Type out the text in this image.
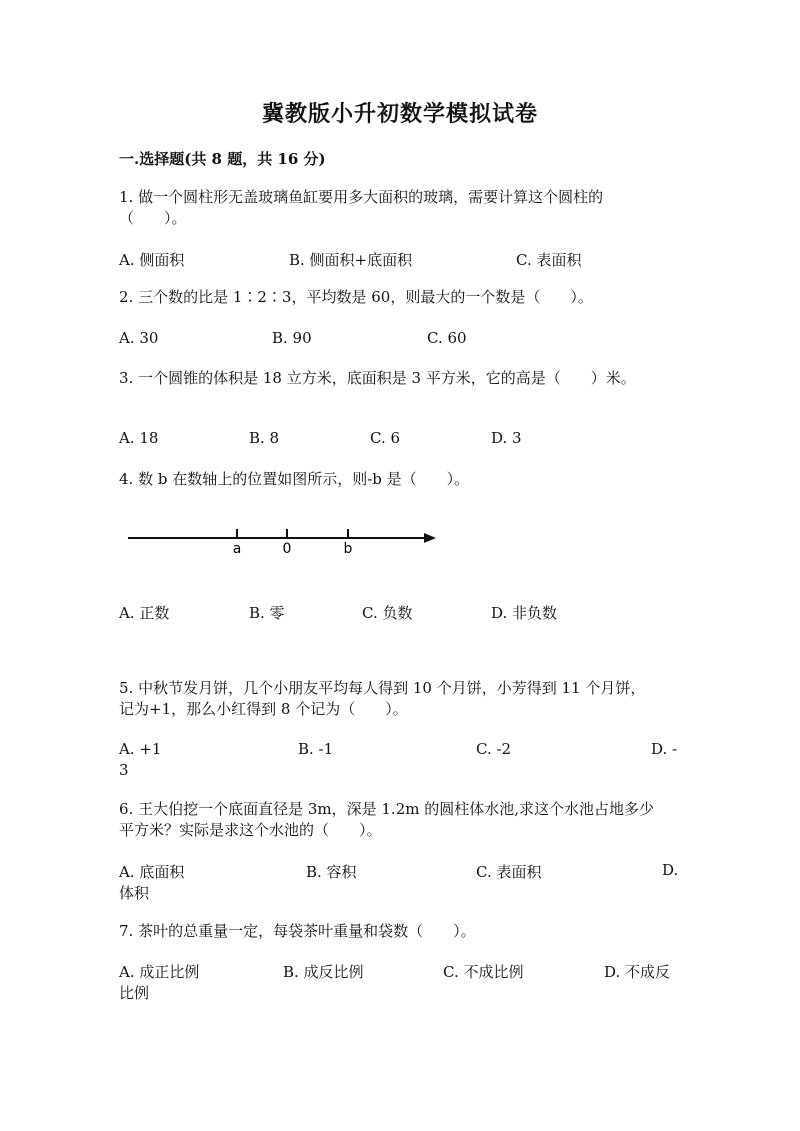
冀教版小升初数学模拟试卷
一.选择题(共 8 题，共 16 分)
1. 做一个圆柱形无盖玻璃鱼缸要用多大面积的玻璃，需要计算这个圆柱的
（　　）。
A. 侧面积	B. 侧面积+底面积	C. 表面积
2. 三个数的比是 1∶2∶3，平均数是 60，则最大的一个数是（　　）。
A. 30	B. 90	C. 60
3. 一个圆锥的体积是 18 立方米，底面积是 3 平方米，它的高是（　　）米。
A. 18	B. 8	C. 6	D. 3
4. 数 b 在数轴上的位置如图所示，则-b 是（　　）。
a	0	b
A. 正数	B. 零	C. 负数	D. 非负数
5. 中秋节发月饼，几个小朋友平均每人得到 10 个月饼，小芳得到 11 个月饼，
记为+1，那么小红得到 8 个记为（　　）。
A. +1	B. -1	C. -2	D. -
3
6. 王大伯挖一个底面直径是 3m，深是 1.2m 的圆柱体水池,求这个水池占地多少
平方米？实际是求这个水池的（　　）。
A. 底面积	B. 容积	C. 表面积	D.
体积
7. 茶叶的总重量一定，每袋茶叶重量和袋数（　　）。
A. 成正比例	B. 成反比例	C. 不成比例	D. 不成反
比例
